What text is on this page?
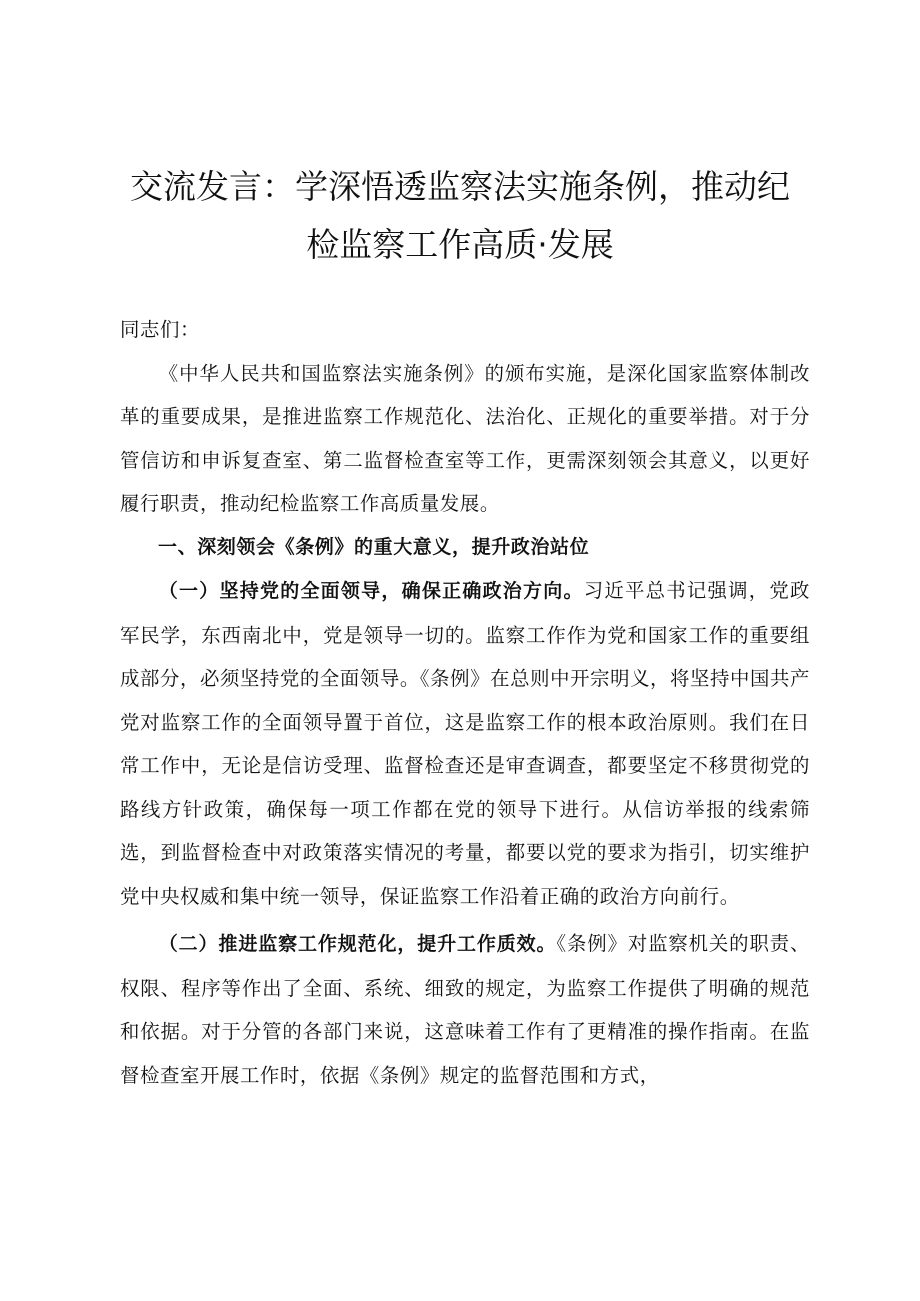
交流发言：学深悟透监察法实施条例，推动纪
检监察工作高质·发展

同志们：

《中华人民共和国监察法实施条例》的颁布实施，是深化国家监察体制改革的重要成果，是推进监察工作规范化、法治化、正规化的重要举措。对于分管信访和申诉复查室、第二监督检查室等工作，更需深刻领会其意义，以更好履行职责，推动纪检监察工作高质量发展。

一、深刻领会《条例》的重大意义，提升政治站位

（一）坚持党的全面领导，确保正确政治方向。习近平总书记强调，党政军民学，东西南北中，党是领导一切的。监察工作作为党和国家工作的重要组成部分，必须坚持党的全面领导。《条例》在总则中开宗明义，将坚持中国共产党对监察工作的全面领导置于首位，这是监察工作的根本政治原则。我们在日常工作中，无论是信访受理、监督检查还是审查调查，都要坚定不移贯彻党的路线方针政策，确保每一项工作都在党的领导下进行。从信访举报的线索筛选，到监督检查中对政策落实情况的考量，都要以党的要求为指引，切实维护党中央权威和集中统一领导，保证监察工作沿着正确的政治方向前行。

（二）推进监察工作规范化，提升工作质效。《条例》对监察机关的职责、权限、程序等作出了全面、系统、细致的规定，为监察工作提供了明确的规范和依据。对于分管的各部门来说，这意味着工作有了更精准的操作指南。在监督检查室开展工作时，依据《条例》规定的监督范围和方式，
